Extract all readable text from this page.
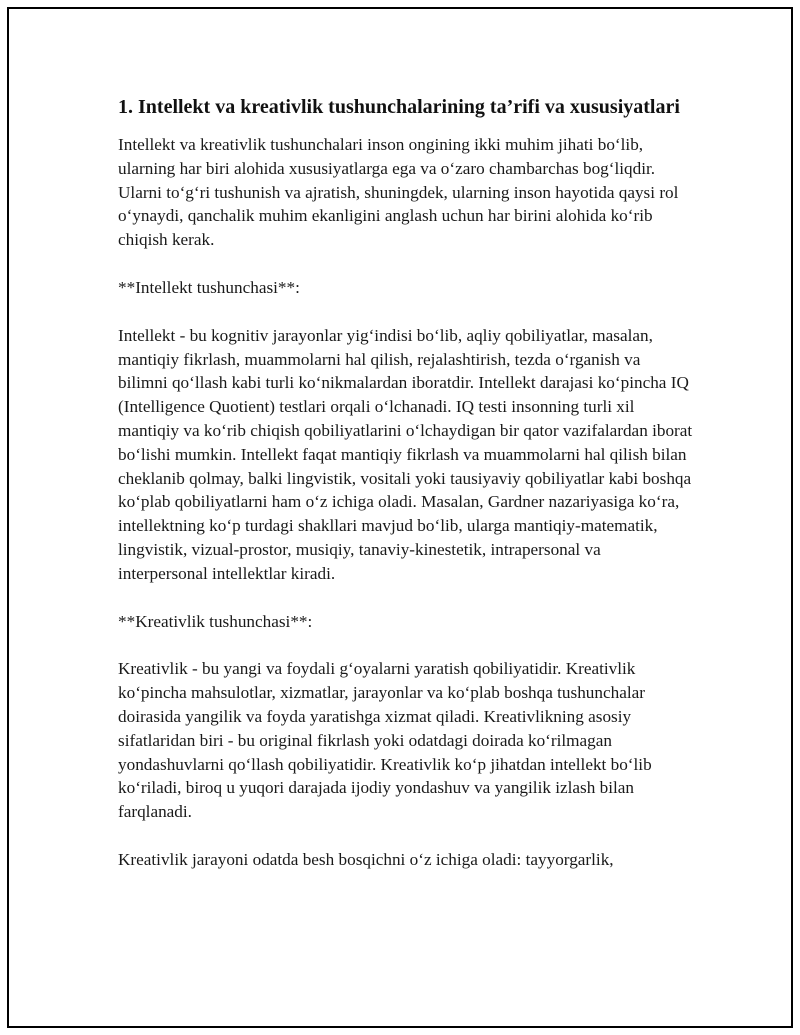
1. Intellekt va kreativlik tushunchalarining ta’rifi va xususiyatlari

Intellekt va kreativlik tushunchalari inson ongining ikki muhim jihati bo‘lib, ularning har biri alohida xususiyatlarga ega va o‘zaro chambarchas bog‘liqdir. Ularni to‘g‘ri tushunish va ajratish, shuningdek, ularning inson hayotida qaysi rol o‘ynaydi, qanchalik muhim ekanligini anglash uchun har birini alohida ko‘rib chiqish kerak.

**Intellekt tushunchasi**:

Intellekt - bu kognitiv jarayonlar yig‘indisi bo‘lib, aqliy qobiliyatlar, masalan, mantiqiy fikrlash, muammolarni hal qilish, rejalashtirish, tezda o‘rganish va bilimni qo‘llash kabi turli ko‘nikmalardan iboratdir. Intellekt darajasi ko‘pincha IQ (Intelligence Quotient) testlari orqali o‘lchanadi. IQ testi insonning turli xil mantiqiy va ko‘rib chiqish qobiliyatlarini o‘lchaydigan bir qator vazifalardan iborat bo‘lishi mumkin. Intellekt faqat mantiqiy fikrlash va muammolarni hal qilish bilan cheklanib qolmay, balki lingvistik, vositali yoki tausiyaviy qobiliyatlar kabi boshqa ko‘plab qobiliyatlarni ham o‘z ichiga oladi. Masalan, Gardner nazariyasiga ko‘ra, intellektning ko‘p turdagi shakllari mavjud bo‘lib, ularga mantiqiy-matematik, lingvistik, vizual-prostor, musiqiy, tanaviy-kinestetik, intrapersonal va interpersonal intellektlar kiradi.

**Kreativlik tushunchasi**:

Kreativlik - bu yangi va foydali g‘oyalarni yaratish qobiliyatidir. Kreativlik ko‘pincha mahsulotlar, xizmatlar, jarayonlar va ko‘plab boshqa tushunchalar doirasida yangilik va foyda yaratishga xizmat qiladi. Kreativlikning asosiy sifatlaridan biri - bu original fikrlash yoki odatdagi doirada ko‘rilmagan yondashuvlarni qo‘llash qobiliyatidir. Kreativlik ko‘p jihatdan intellekt bo‘lib ko‘riladi, biroq u yuqori darajada ijodiy yondashuv va yangilik izlash bilan farqlanadi.

Kreativlik jarayoni odatda besh bosqichni o‘z ichiga oladi: tayyorgarlik,
